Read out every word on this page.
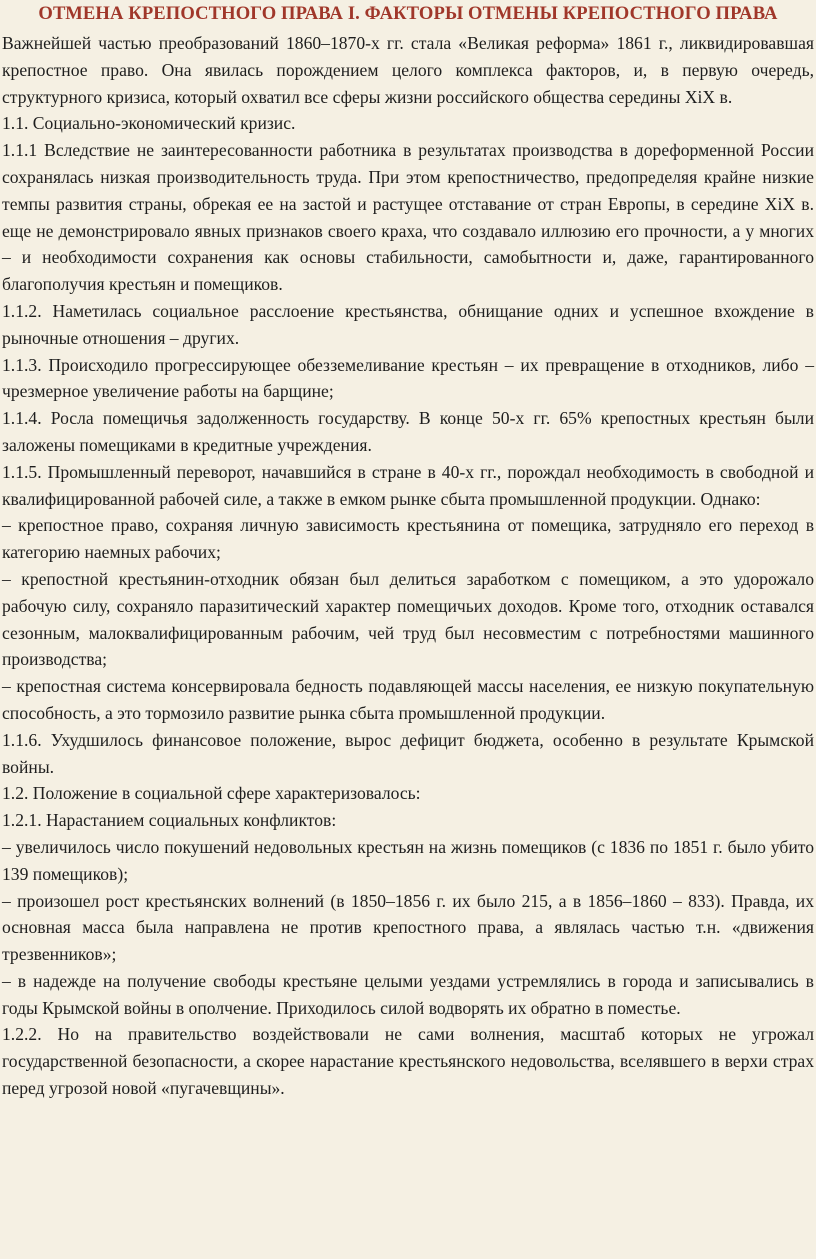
ОТМЕНА КРЕПОСТНОГО ПРАВА I. ФАКТОРЫ ОТМЕНЫ КРЕПОСТНОГО ПРАВА

Важнейшей частью преобразований 1860–1870-х гг. стала «Великая реформа» 1861 г., ликвидировавшая крепостное право. Она явилась порождением целого комплекса факторов, и, в первую очередь, структурного кризиса, который охватил все сферы жизни российского общества середины XiX в.

1.1. Социально-экономический кризис.

1.1.1 Вследствие не заинтересованности работника в результатах производства в дореформенной России сохранялась низкая производительность труда. При этом крепостничество, предопределяя крайне низкие темпы развития страны, обрекая ее на застой и растущее отставание от стран Европы, в середине XiX в. еще не демонстрировало явных признаков своего краха, что создавало иллюзию его прочности, а у многих – и необходимости сохранения как основы стабильности, самобытности и, даже, гарантированного благополучия крестьян и помещиков.

1.1.2. Наметилась социальное расслоение крестьянства, обнищание одних и успешное вхождение в рыночные отношения – других.

1.1.3. Происходило прогрессирующее обезземеливание крестьян – их превращение в отходников, либо – чрезмерное увеличение работы на барщине;

1.1.4. Росла помещичья задолженность государству. В конце 50-х гг. 65% крепостных крестьян были заложены помещиками в кредитные учреждения.

1.1.5. Промышленный переворот, начавшийся в стране в 40-х гг., порождал необходимость в свободной и квалифицированной рабочей силе, а также в емком рынке сбыта промышленной продукции. Однако:

– крепостное право, сохраняя личную зависимость крестьянина от помещика, затрудняло его переход в категорию наемных рабочих;

– крепостной крестьянин-отходник обязан был делиться заработком с помещиком, а это удорожало рабочую силу, сохраняло паразитический характер помещичьих доходов. Кроме того, отходник оставался сезонным, малоквалифицированным рабочим, чей труд был несовместим с потребностями машинного производства;

– крепостная система консервировала бедность подавляющей массы населения, ее низкую покупательную способность, а это тормозило развитие рынка сбыта промышленной продукции.

1.1.6. Ухудшилось финансовое положение, вырос дефицит бюджета, особенно в результате Крымской войны.

1.2. Положение в социальной сфере характеризовалось:

1.2.1. Нарастанием социальных конфликтов:

– увеличилось число покушений недовольных крестьян на жизнь помещиков (с 1836 по 1851 г. было убито 139 помещиков);

– произошел рост крестьянских волнений (в 1850–1856 г. их было 215, а в 1856–1860 – 833). Правда, их основная масса была направлена не против крепостного права, а являлась частью т.н. «движения трезвенников»;

– в надежде на получение свободы крестьяне целыми уездами устремлялись в города и записывались в годы Крымской войны в ополчение. Приходилось силой водворять их обратно в поместье.

1.2.2. Но на правительство воздействовали не сами волнения, масштаб которых не угрожал государственной безопасности, а скорее нарастание крестьянского недовольства, вселявшего в верхи страх перед угрозой новой «пугачевщины».
